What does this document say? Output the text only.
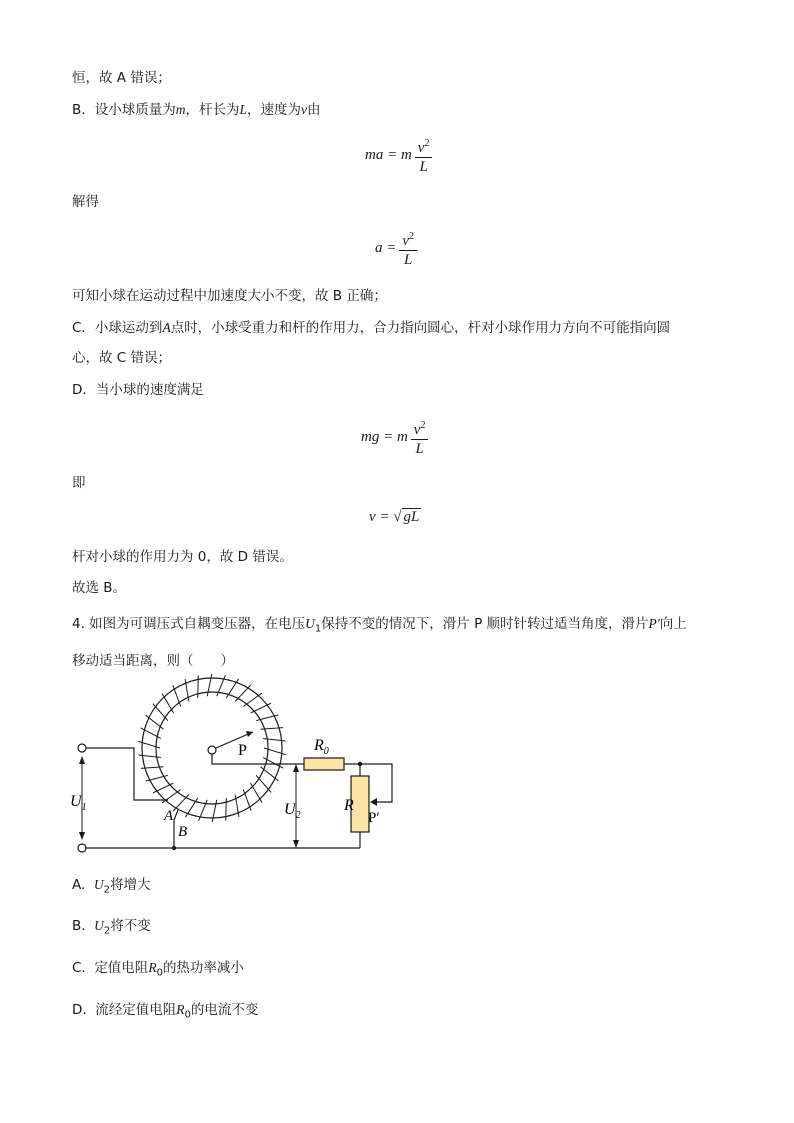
恒，故 A 错误；
B．设小球质量为m，杆长为L，速度为v由
ma = m $\frac{v^2}{L}$
解得
$a = \frac{v^2}{L}$
可知小球在运动过程中加速度大小不变，故 B 正确；
C．小球运动到A点时，小球受重力和杆的作用力，合力指向圆心，杆对小球作用力方向不可能指向圆
心，故 C 错误；
D．当小球的速度满足
mg = m $\frac{v^2}{L}$
即
v = √ gL
杆对小球的作用力为 0，故 D 错误。
故选 B。
4. 如图为可调压式自耦变压器，在电压$U_1$保持不变的情况下，滑片 P 顺时针转过适当角度，滑片P′向上
移动适当距离，则（　　）
P	$R_0$
R
P′
A
B
$U_1$	$U_2$
A. $U_2$将增大
B. $U_2$将不变
C. 定值电阻$R_0$的热功率减小
D. 流经定值电阻$R_0$的电流不变
